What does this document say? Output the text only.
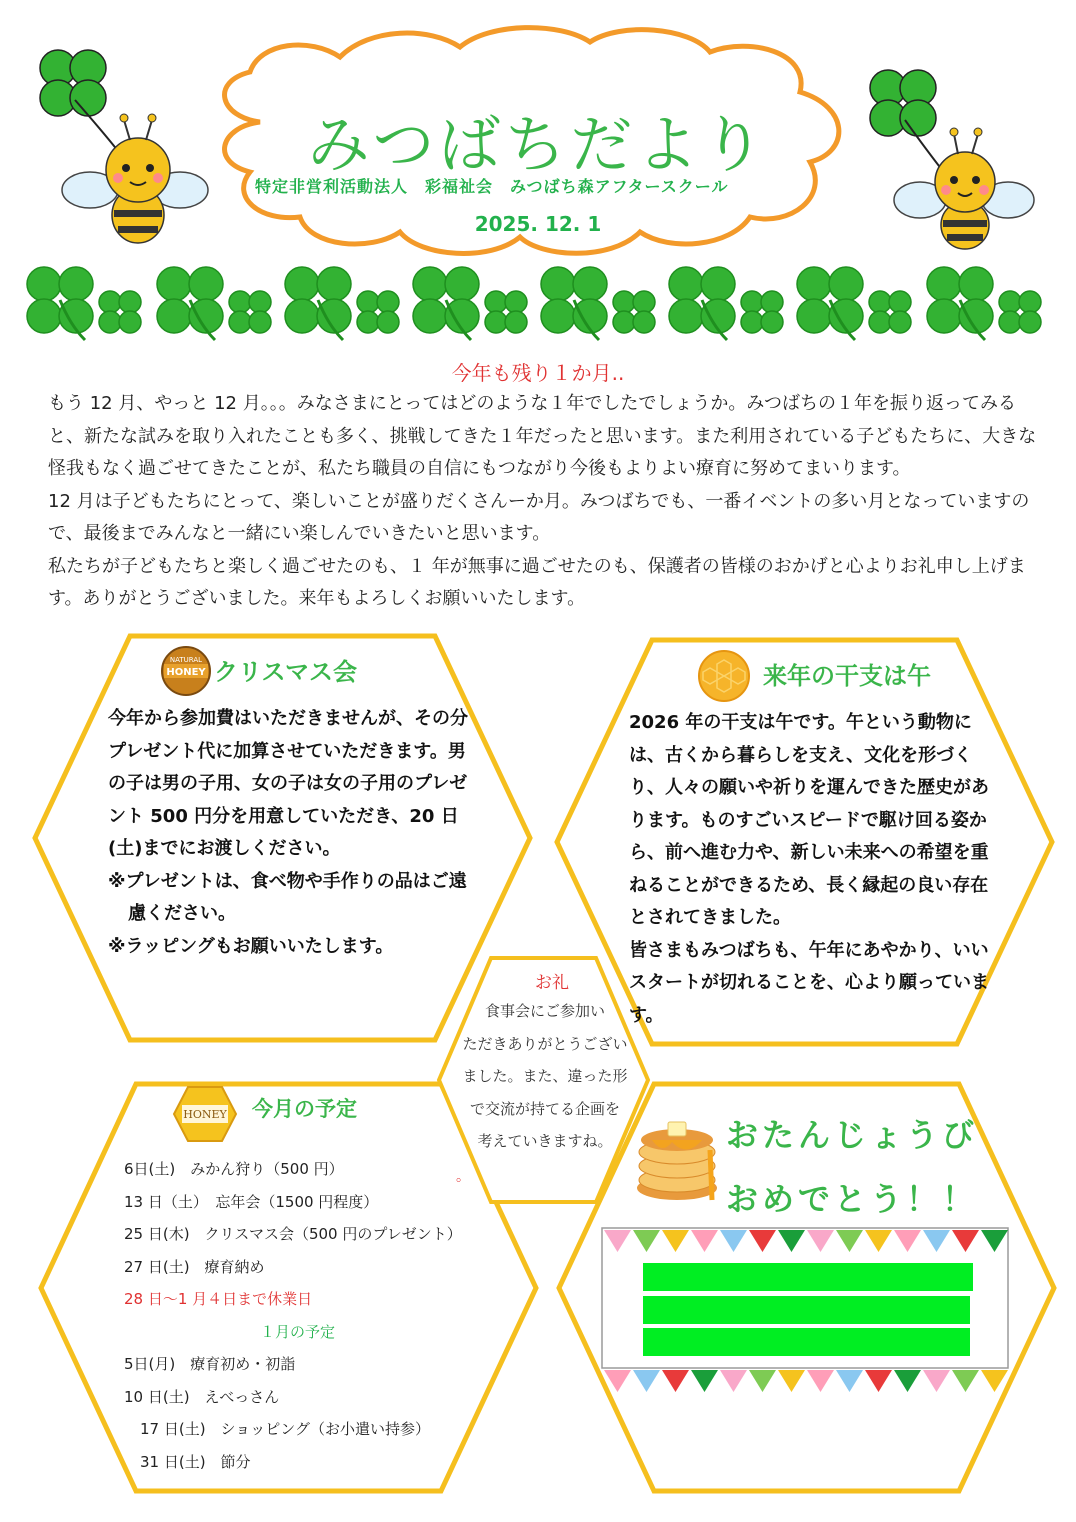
みつばちだより
特定非営利活動法人　彩福祉会　みつばち森アフタースクール
2025. 12. 1
今年も残り１か月..

もう 12 月、やっと 12 月。。。みなさまにとってはどのような１年でしたでしょうか。みつばちの１年を振り返ってみると、新たな試みを取り入れたことも多く、挑戦してきた１年だったと思います。また利用されている子どもたちに、大きな怪我もなく過ごせてきたことが、私たち職員の自信にもつながり今後もよりよい療育に努めてまいります。

12 月は子どもたちにとって、楽しいことが盛りだくさんーか月。みつばちでも、一番イベントの多い月となっていますので、最後までみんなと一緒にい楽しんでいきたいと思います。

私たちが子どもたちと楽しく過ごせたのも、１ 年が無事に過ごせたのも、保護者の皆様のおかげと心よりお礼申し上げます。ありがとうございました。来年もよろしくお願いいたします。

NATURAL
HONEY クリスマス会

今年から参加費はいただきませんが、その分プレゼント代に加算させていただきます。男の子は男の子用、女の子は女の子用のプレゼント 500 円分を用意していただき、20 日(土)までにお渡しください。

※プレゼントは、食べ物や手作りの品はご遠慮ください。

※ラッピングもお願いいたします。

来年の干支は午

2026 年の干支は午です。午という動物には、古くから暮らしを支え、文化を形づくり、人々の願いや祈りを運んできた歴史があります。ものすごいスピードで駆け回る姿から、前へ進む力や、新しい未来への希望を重ねることができるため、長く縁起の良い存在とされてきました。

皆さまもみつばちも、午年にあやかり、いいスタートが切れることを、心より願っています。

お礼

食事会にご参加い

ただきありがとうござい

ました。また、違った形

で交流が持てる企画を

考えていきますね。

。
HONEY 今月の予定
6日(土)　みかん狩り（500 円）
13 日（土）　忘年会（1500 円程度）
25 日(木)　クリスマス会（500 円のプレゼント）
27 日(土)　療育納め
28 日～1 月４日まで休業日
１月の予定
5日(月)　療育初め・初詣
10 日(土)　えべっさん
17 日(土)　ショッピング（お小遣い持参）
31 日(土)　節分
おたんじょうび
おめでとう！！
